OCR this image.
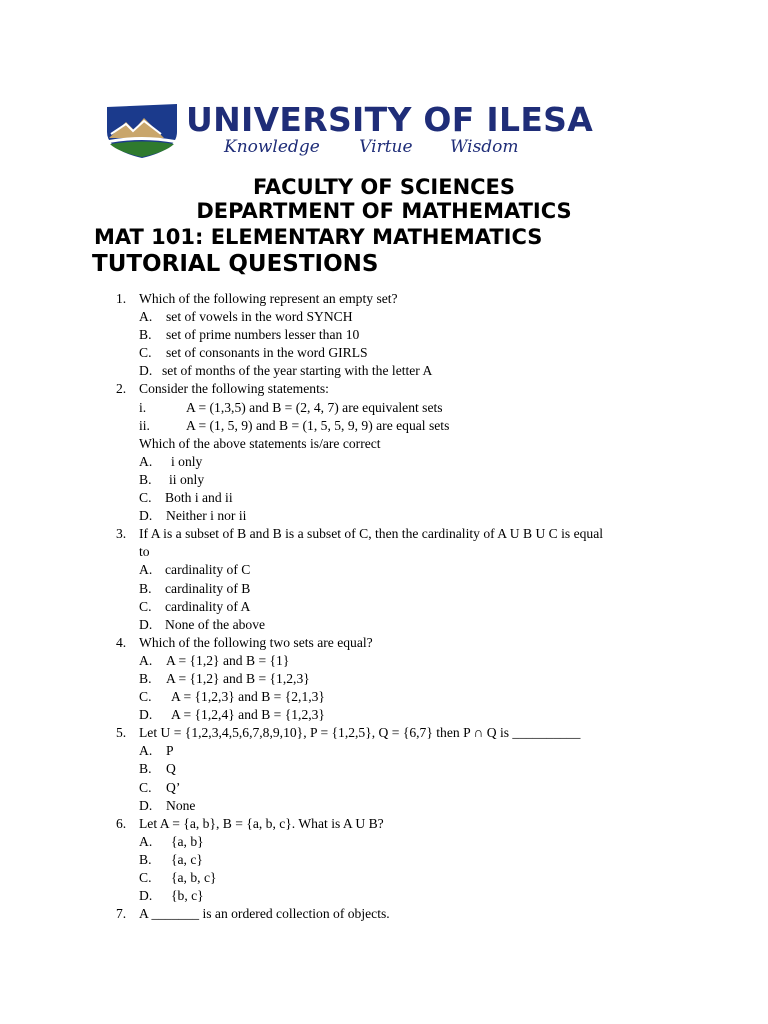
UNIVERSITY OF ILESA
Knowledge Virtue Wisdom
FACULTY OF SCIENCES
DEPARTMENT OF MATHEMATICS
MAT 101: ELEMENTARY MATHEMATICS
TUTORIAL QUESTIONS
1. Which of the following represent an empty set?
A. set of vowels in the word SYNCH
B. set of prime numbers lesser than 10
C. set of consonants in the word GIRLS
D. set of months of the year starting with the letter A
2. Consider the following statements:
i.	A = (1,3,5) and B = (2, 4, 7) are equivalent sets
ii.	A = (1, 5, 9) and B = (1, 5, 5, 9, 9) are equal sets
Which of the above statements is/are correct
A. i only
B. ii only
C. Both i and ii
D. Neither i nor ii
3. If A is a subset of B and B is a subset of C, then the cardinality of A U B U C is equal
to
A. cardinality of C
B. cardinality of B
C. cardinality of A
D. None of the above
4. Which of the following two sets are equal?
A. A = {1,2} and B = {1}
B. A = {1,2} and B = {1,2,3}
C. A = {1,2,3} and B = {2,1,3}
D. A = {1,2,4} and B = {1,2,3}
5. Let U = {1,2,3,4,5,6,7,8,9,10}, P = {1,2,5}, Q = {6,7} then P ∩ Q is __________
A. P
B. Q
C. Q’
D. None
6. Let A = {a, b}, B = {a, b, c}. What is A U B?
A. {a, b}
B. {a, c}
C. {a, b, c}
D. {b, c}
7. A _______ is an ordered collection of objects.
